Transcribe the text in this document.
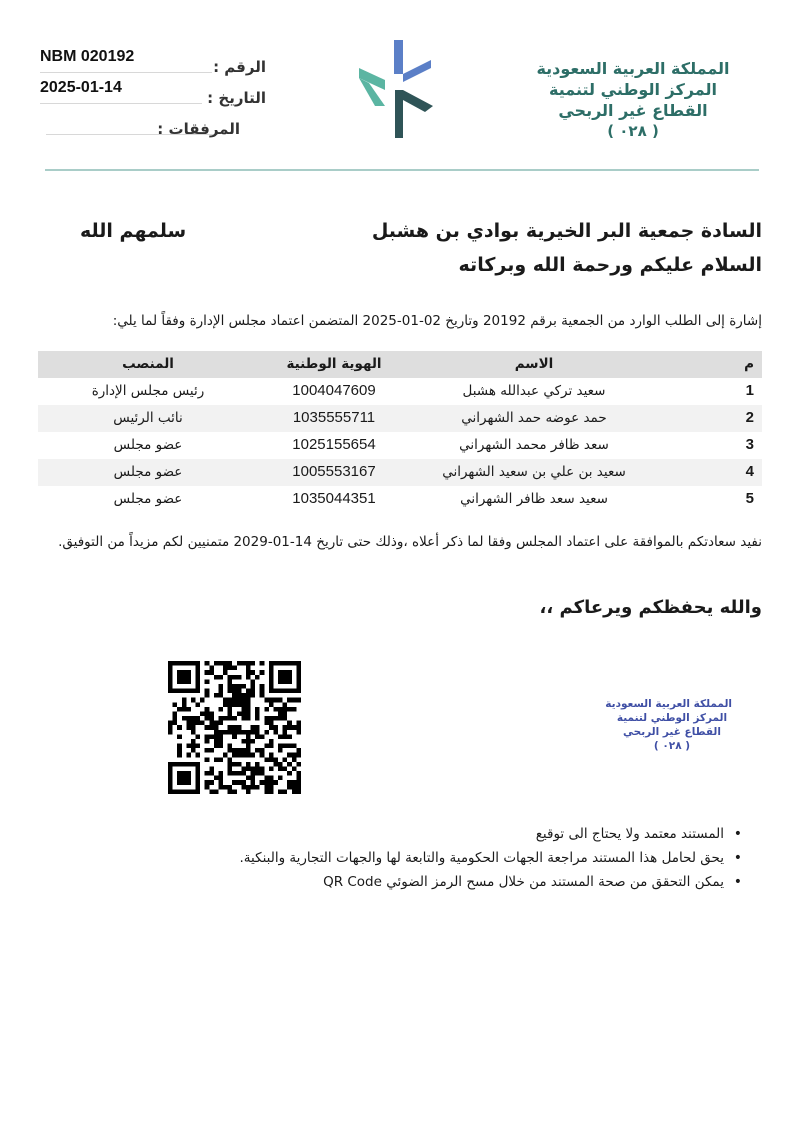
NBM 020192
الرقم :
2025-01-14
التاريخ :
المرفقات :
المملكة العربية السعودية
المركز الوطني لتنمية
القطاع غير الربحي
( ٠٢٨ )
السادة جمعية البر الخيرية بوادي بن هشبل
سلمهم الله
السلام عليكم ورحمة الله وبركاته
إشارة إلى الطلب الوارد من الجمعية برقم 20192 وتاريخ 02-01-2025 المتضمن اعتماد مجلس الإدارة وفقاً لما يلي:
م
الاسم
الهوية الوطنية
المنصب
1
سعيد تركي عبدالله هشبل
1004047609
رئيس مجلس الإدارة
2
حمد عوضه حمد الشهراني
1035555711
نائب الرئيس
3
سعد ظافر محمد الشهراني
1025155654
عضو مجلس
4
سعيد بن علي بن سعيد الشهراني
1005553167
عضو مجلس
5
سعيد سعد ظافر الشهراني
1035044351
عضو مجلس
نفيد سعادتكم بالموافقة على اعتماد المجلس وفقا لما ذكر أعلاه ،وذلك حتى تاريخ 14-01-2029 متمنيين لكم مزيداً من التوفيق.
والله يحفظكم ويرعاكم ،،
المملكة العربية السعودية
المركز الوطني لتنمية
القطاع غير الربحي
( ٠٢٨ )
• المستند معتمد ولا يحتاج الى توقيع
• يحق لحامل هذا المستند مراجعة الجهات الحكومية والتابعة لها والجهات التجارية والبنكية.
• يمكن التحقق من صحة المستند من خلال مسح الرمز الضوئي QR Code
